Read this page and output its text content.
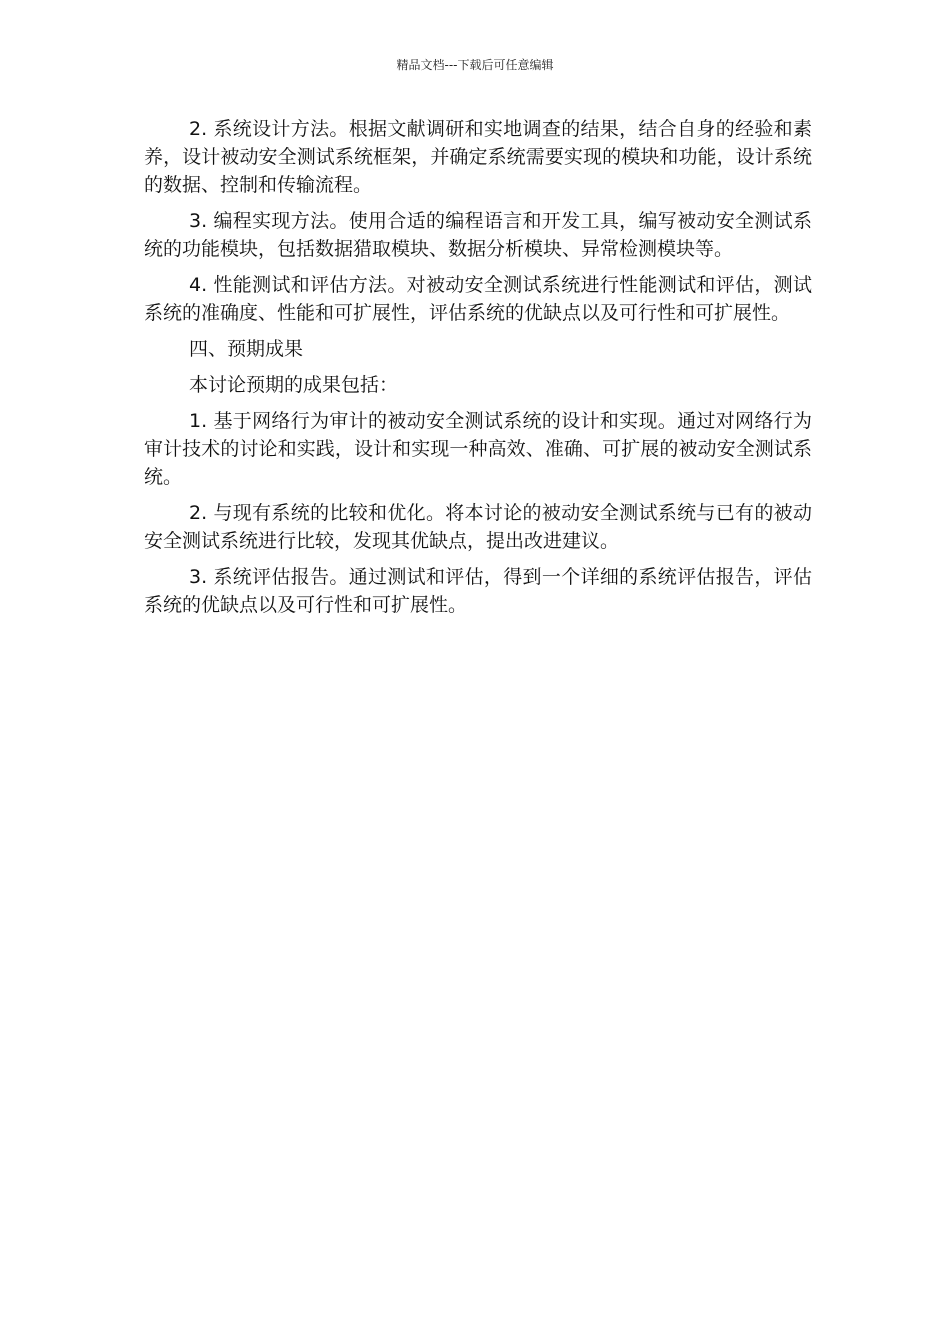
精品文档---下载后可任意编辑

2. 系统设计方法。根据文献调研和实地调查的结果，结合自身的经验和素养，设计被动安全测试系统框架，并确定系统需要实现的模块和功能，设计系统的数据、控制和传输流程。

3. 编程实现方法。使用合适的编程语言和开发工具，编写被动安全测试系统的功能模块，包括数据猎取模块、数据分析模块、异常检测模块等。

4. 性能测试和评估方法。对被动安全测试系统进行性能测试和评估，测试系统的准确度、性能和可扩展性，评估系统的优缺点以及可行性和可扩展性。

四、预期成果

本讨论预期的成果包括：

1. 基于网络行为审计的被动安全测试系统的设计和实现。通过对网络行为审计技术的讨论和实践，设计和实现一种高效、准确、可扩展的被动安全测试系统。

2. 与现有系统的比较和优化。将本讨论的被动安全测试系统与已有的被动安全测试系统进行比较，发现其优缺点，提出改进建议。

3. 系统评估报告。通过测试和评估，得到一个详细的系统评估报告，评估系统的优缺点以及可行性和可扩展性。
